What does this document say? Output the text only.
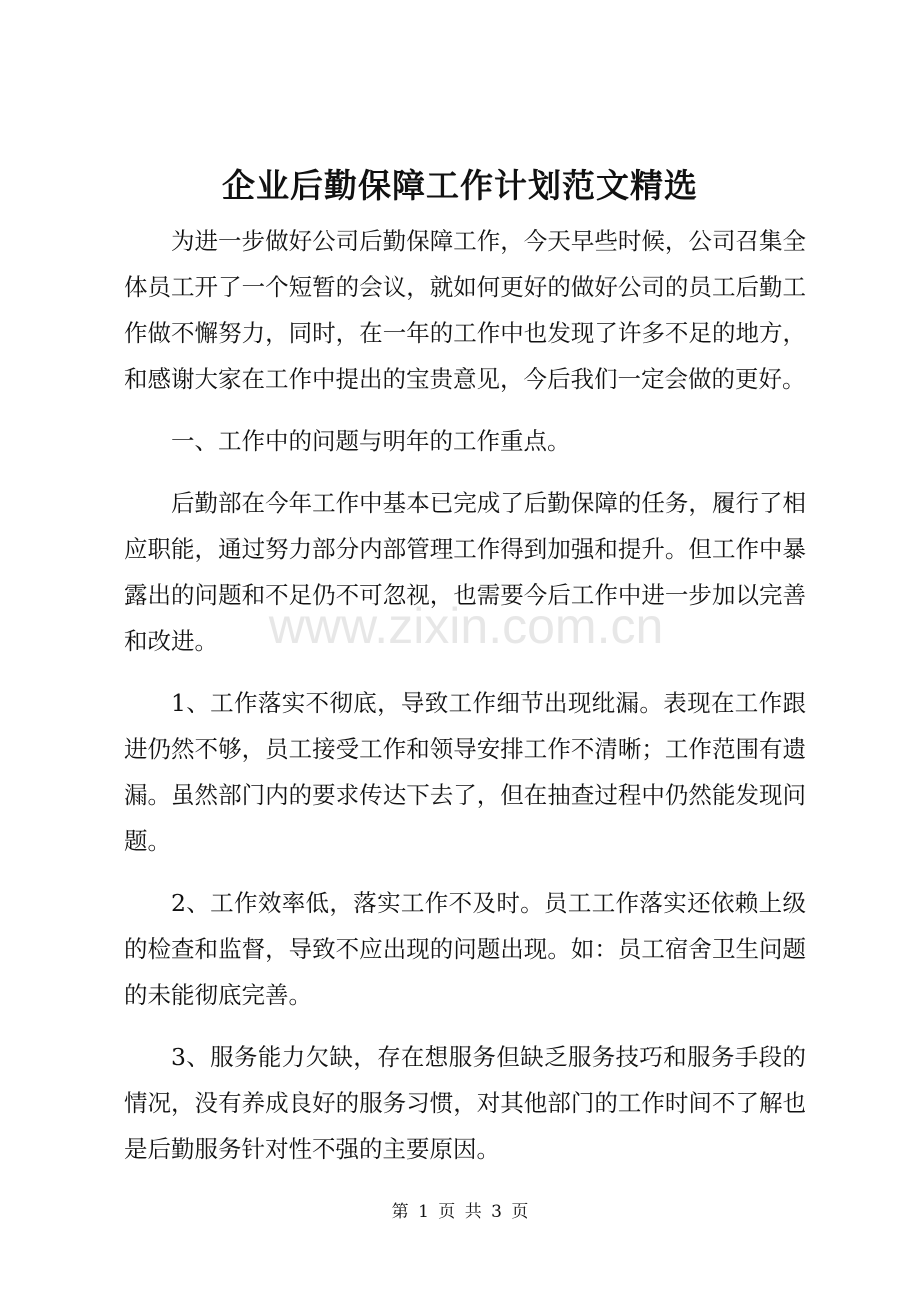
企业后勤保障工作计划范文精选

为进一步做好公司后勤保障工作，今天早些时候，公司召集全体员工开了一个短暂的会议，就如何更好的做好公司的员工后勤工作做不懈努力，同时，在一年的工作中也发现了许多不足的地方，和感谢大家在工作中提出的宝贵意见，今后我们一定会做的更好。

一、工作中的问题与明年的工作重点。

后勤部在今年工作中基本已完成了后勤保障的任务，履行了相应职能，通过努力部分内部管理工作得到加强和提升。但工作中暴露出的问题和不足仍不可忽视，也需要今后工作中进一步加以完善和改进。

1、工作落实不彻底，导致工作细节出现纰漏。表现在工作跟进仍然不够，员工接受工作和领导安排工作不清晰；工作范围有遗漏。虽然部门内的要求传达下去了，但在抽查过程中仍然能发现问题。

2、工作效率低，落实工作不及时。员工工作落实还依赖上级的检查和监督，导致不应出现的问题出现。如：员工宿舍卫生问题的未能彻底完善。

3、服务能力欠缺，存在想服务但缺乏服务技巧和服务手段的情况，没有养成良好的服务习惯，对其他部门的工作时间不了解也是后勤服务针对性不强的主要原因。

www.zixin.com.cn
第 1 页 共 3 页
